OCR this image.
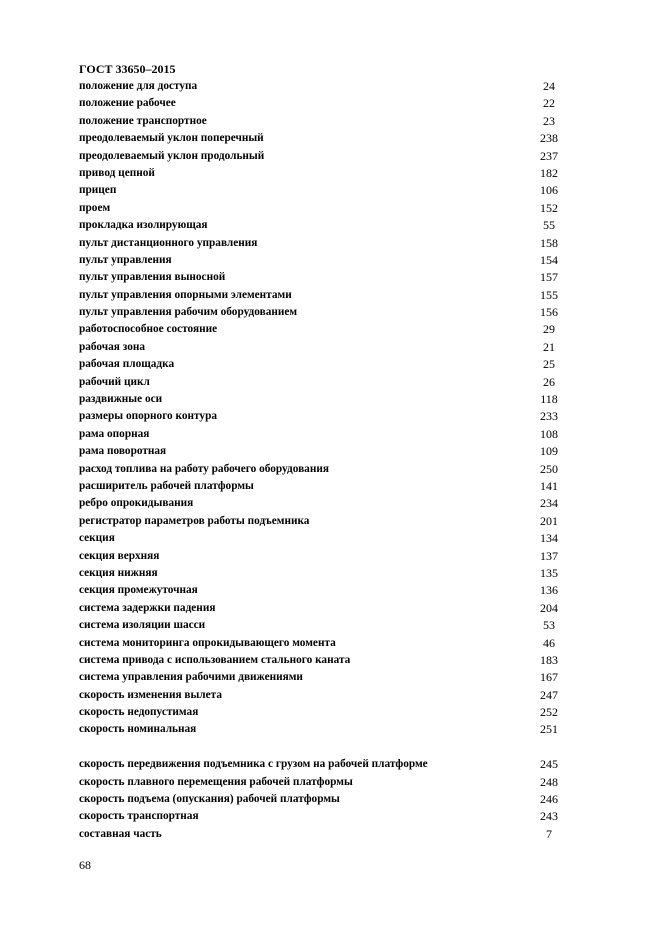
ГОСТ 33650–2015
положение для доступа	24
положение рабочее	22
положение транспортное	23
преодолеваемый уклон поперечный	238
преодолеваемый уклон продольный	237
привод цепной	182
прицеп	106
проем	152
прокладка изолирующая	55
пульт дистанционного управления	158
пульт управления	154
пульт управления выносной	157
пульт управления опорными элементами	155
пульт управления рабочим оборудованием	156
работоспособное состояние	29
рабочая зона	21
рабочая площадка	25
рабочий цикл	26
раздвижные оси	118
размеры опорного контура	233
рама опорная	108
рама поворотная	109
расход топлива на работу рабочего оборудования	250
расширитель рабочей платформы	141
ребро опрокидывания	234
регистратор параметров работы подъемника	201
секция	134
секция верхняя	137
секция нижняя	135
секция промежуточная	136
система задержки падения	204
система изоляции шасси	53
система мониторинга опрокидывающего момента	46
система привода с использованием стального каната	183
система управления рабочими движениями	167
скорость изменения вылета	247
скорость недопустимая	252
скорость номинальная	251
скорость передвижения подъемника с грузом на рабочей платформе	245
скорость плавного перемещения рабочей платформы	248
скорость подъема (опускания) рабочей платформы	246
скорость транспортная	243
составная часть	7
68
